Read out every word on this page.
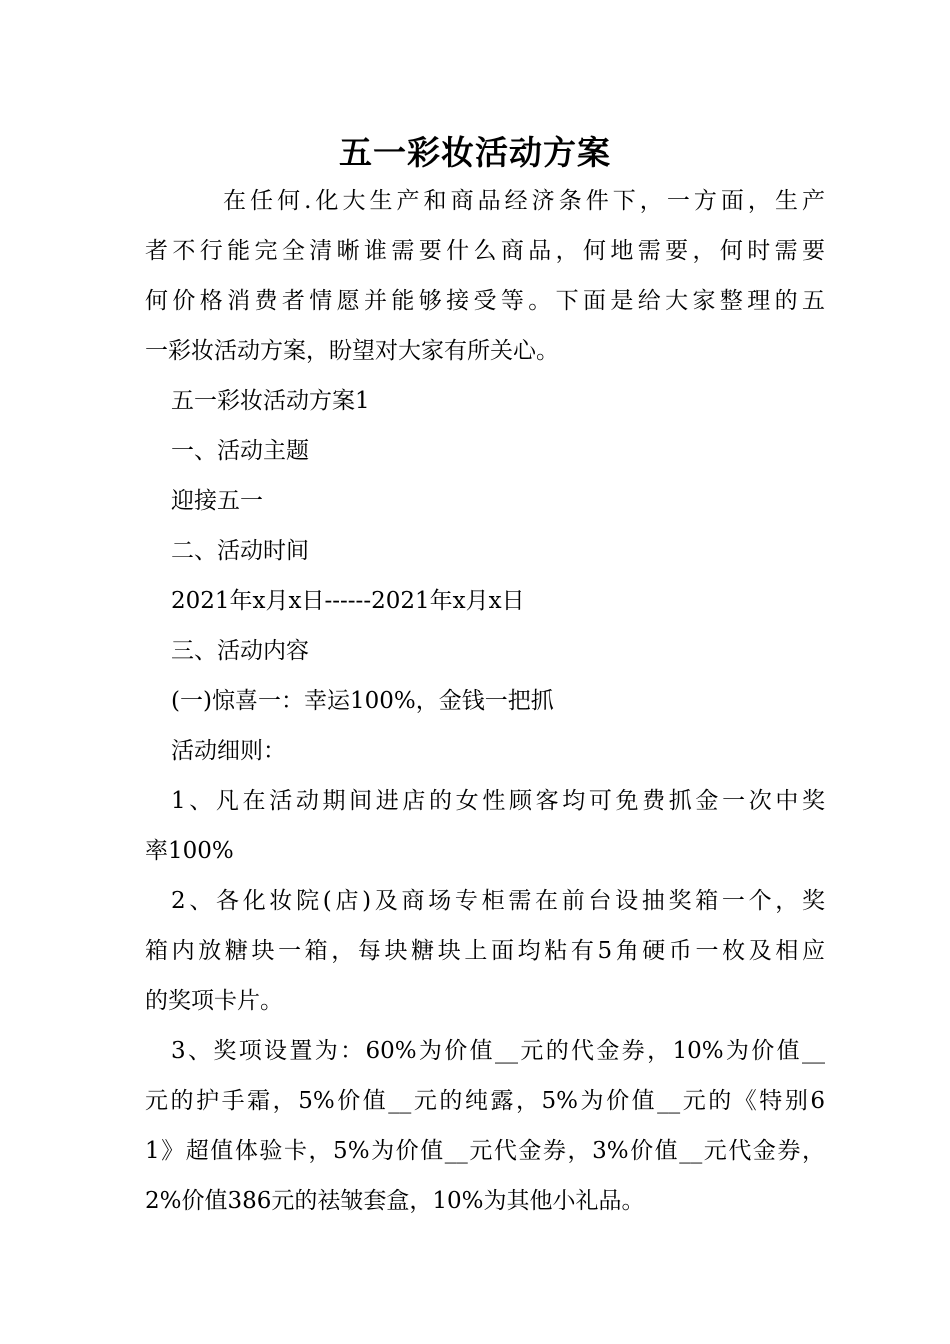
五一彩妆活动方案
在任何.化大生产和商品经济条件下，一方面，生产
者不行能完全清晰谁需要什么商品，何地需要，何时需要
何价格消费者情愿并能够接受等。下面是给大家整理的五
一彩妆活动方案，盼望对大家有所关心。
五一彩妆活动方案1
一、活动主题
迎接五一
二、活动时间
2021年x月x日------2021年x月x日
三、活动内容
(一)惊喜一：幸运100%，金钱一把抓
活动细则：
1、凡在活动期间进店的女性顾客均可免费抓金一次中奖
率100%
2、各化妆院(店)及商场专柜需在前台设抽奖箱一个，奖
箱内放糖块一箱，每块糖块上面均粘有5角硬币一枚及相应
的奖项卡片。
3、奖项设置为：60%为价值__元的代金券，10%为价值__
元的护手霜，5%价值__元的纯露，5%为价值__元的《特别6
1》超值体验卡，5%为价值__元代金券，3%价值__元代金券，
2%价值386元的祛皱套盒，10%为其他小礼品。
